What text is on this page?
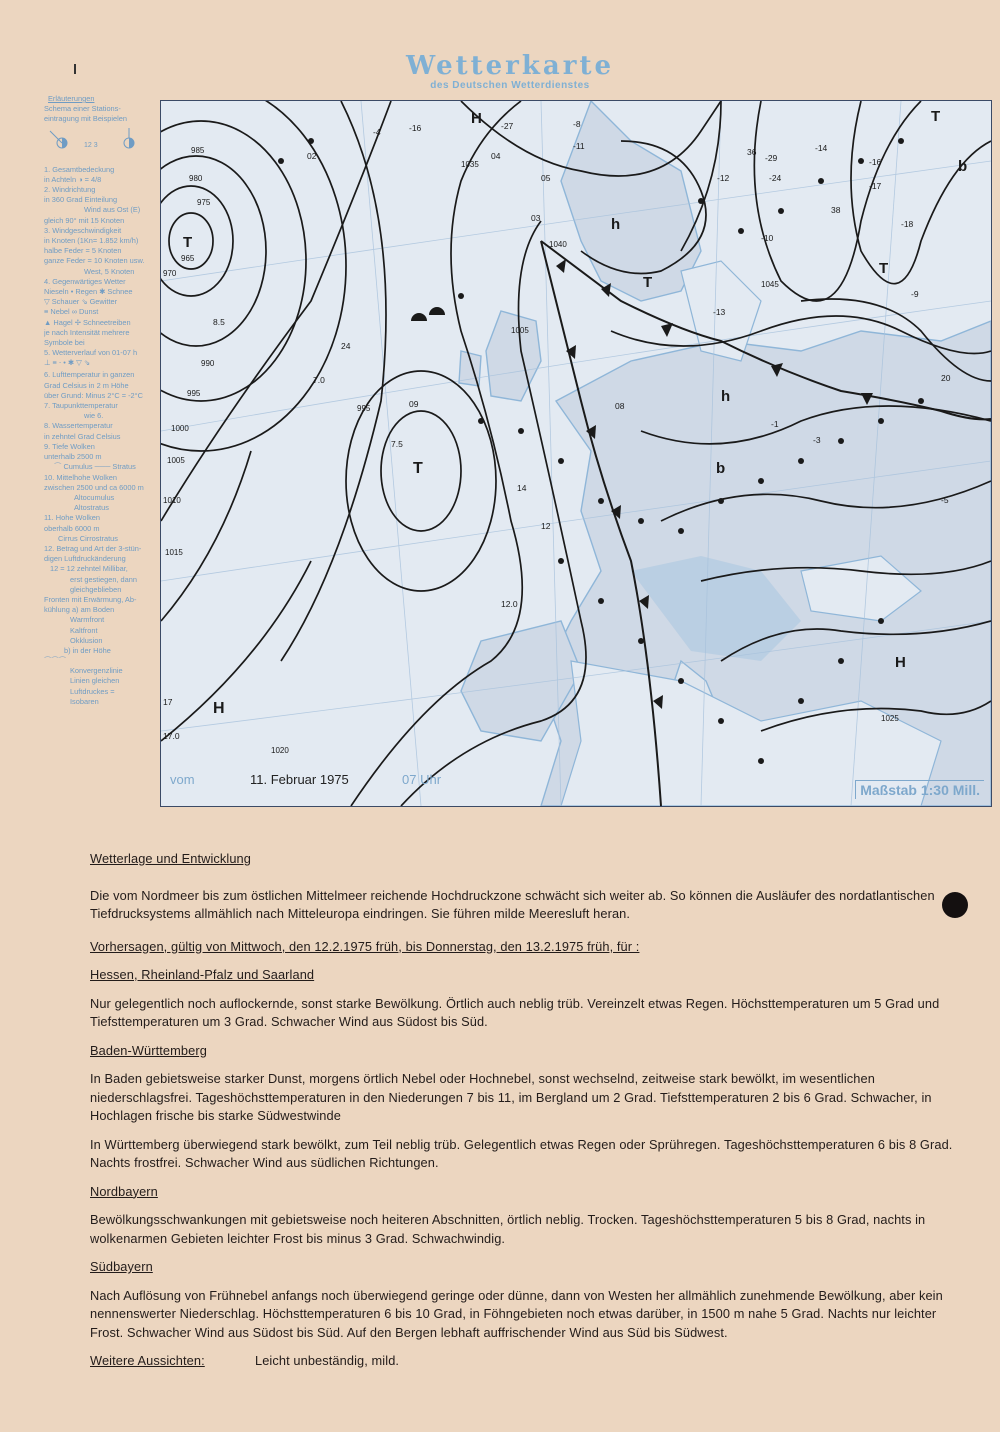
Wetterkarte
des Deutschen Wetterdienstes
Erläuterungen
Schema einer Stations-
eintragung mit Beispielen
12 3
1. Gesamtbedeckung
in Achteln ◑ = 4/8
2. Windrichtung
in 360 Grad Einteilung
Wind aus Ost (E)
gleich 90° mit 15 Knoten
3. Windgeschwindigkeit
in Knoten (1Kn= 1.852 km/h)
halbe Feder = 5 Knoten
ganze Feder = 10 Knoten usw.
West, 5 Knoten
4. Gegenwärtiges Wetter
Nieseln • Regen ✱ Schnee
▽ Schauer ⇘ Gewitter
≡ Nebel ∞ Dunst
▲ Hagel ✢ Schneetreiben
je nach Intensität mehrere
Symbole bei
5. Wetterverlauf von 01-07 h
⊥ ≡ ⋅ • ✱ ▽ ⇘
6. Lufttemperatur in ganzen
Grad Celsius in 2 m Höhe
über Grund: Minus 2°C = -2°C
7. Taupunkttemperatur
wie 6.
8. Wassertemperatur
in zehntel Grad Celsius
9. Tiefe Wolken
unterhalb 2500 m
⌒ Cumulus ─── Stratus
10. Mittelhohe Wolken
zwischen 2500 und ca 6000 m
Altocumulus
Altostratus
11. Hohe Wolken
oberhalb 6000 m
Cirrus Cirrostratus
12. Betrag und Art der 3-stün-
digen Luftdruckänderung
12 = 12 zehntel Millibar,
erst gestiegen, dann
gleichgeblieben
Fronten mit Erwärmung, Ab-
kühlung a) am Boden
Warmfront
Kaltfront
Okklusion
b) in der Höhe
⌒⌒⌒
Konvergenzlinie
Linien gleichen
Luftdruckes =
Isobaren
T
T
T
T
T
H
H
H
h
h
b
b
985
980
975
970
965
990
995
1000
1005
1010
1015
1020
1025
1035
1040
1045
1005
995
02
-16
-4
-27	-8
-11
03
04
05	-12
-29
-24
-13
-14
-16
-17
-18
-10
-9
-5
-3
-1
08
09
12
14
17
20
24
38
36
12.0
7.0
8.5
17.0
7.5
vom	11. Februar 1975	07 Uhr
Maßstab 1:30 Mill.

Wetterlage und Entwicklung

Die vom Nordmeer bis zum östlichen Mittelmeer reichende Hochdruckzone schwächt sich weiter ab. So können die Ausläufer des nordatlantischen Tiefdrucksystems allmählich nach Mitteleuropa eindringen. Sie führen milde Meeresluft heran.

Vorhersagen, gültig von Mittwoch, den 12.2.1975 früh, bis Donnerstag, den 13.2.1975 früh, für :

Hessen, Rheinland-Pfalz und Saarland

Nur gelegentlich noch auflockernde, sonst starke Bewölkung. Örtlich auch neblig trüb. Vereinzelt etwas Regen. Höchsttemperaturen um 5 Grad und Tiefsttemperaturen um 3 Grad. Schwacher Wind aus Südost bis Süd.

Baden-Württemberg

In Baden gebietsweise starker Dunst, morgens örtlich Nebel oder Hochnebel, sonst wechselnd, zeitweise stark bewölkt, im wesentlichen niederschlagsfrei. Tageshöchsttemperaturen in den Niederungen 7 bis 11, im Bergland um 2 Grad. Tiefsttemperaturen 2 bis 6 Grad. Schwacher, in Hochlagen frische bis starke Südwestwinde

In Württemberg überwiegend stark bewölkt, zum Teil neblig trüb. Gelegentlich etwas Regen oder Sprühregen. Tageshöchsttemperaturen 6 bis 8 Grad. Nachts frostfrei. Schwacher Wind aus südlichen Richtungen.

Nordbayern

Bewölkungsschwankungen mit gebietsweise noch heiteren Abschnitten, örtlich neblig. Trocken. Tageshöchsttemperaturen 5 bis 8 Grad, nachts in wolkenarmen Gebieten leichter Frost bis minus 3 Grad. Schwachwindig.

Südbayern

Nach Auflösung von Frühnebel anfangs noch überwiegend geringe oder dünne, dann von Westen her allmählich zunehmende Bewölkung, aber kein nennenswerter Niederschlag. Höchsttemperaturen 6 bis 10 Grad, in Föhngebieten noch etwas darüber, in 1500 m nahe 5 Grad. Nachts nur leichter Frost. Schwacher Wind aus Südost bis Süd. Auf den Bergen lebhaft auffrischender Wind aus Süd bis Südwest.

Weitere Aussichten:	Leicht unbeständig, mild.
